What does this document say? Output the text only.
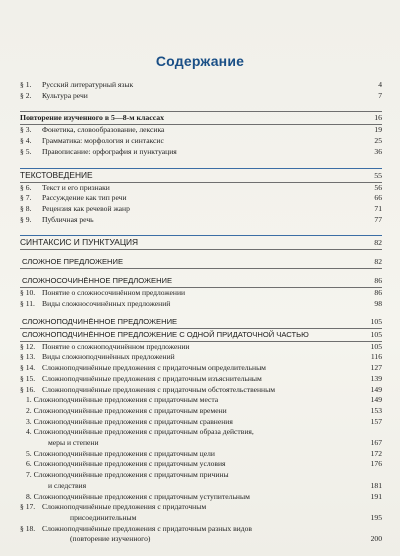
Содержание
§ 1.	Русский литературный язык	4
§ 2.	Культура речи	7
Повторение изученного в 5—8-м классах	16
§ 3.	Фонетика, словообразование, лексика	19
§ 4.	Грамматика: морфология и синтаксис	25
§ 5.	Правописание: орфография и пунктуация	36
ТЕКСТОВЕДЕНИЕ	55
§ 6.	Текст и его признаки	56
§ 7.	Рассуждение как тип речи	66
§ 8.	Рецензия как речевой жанр	71
§ 9.	Публичная речь	77
СИНТАКСИС И ПУНКТУАЦИЯ	82
СЛОЖНОЕ ПРЕДЛОЖЕНИЕ	82
СЛОЖНОСОЧИНЁННОЕ ПРЕДЛОЖЕНИЕ	86
§ 10. Понятие о сложносочинённом предложении	86
§ 11. Виды сложносочинённых предложений	98
СЛОЖНОПОДЧИНЁННОЕ ПРЕДЛОЖЕНИЕ	105
СЛОЖНОПОДЧИНЁННОЕ ПРЕДЛОЖЕНИЕ С ОДНОЙ ПРИДАТОЧНОЙ ЧАСТЬЮ	105
§ 12. Понятие о сложноподчинённом предложении	105
§ 13. Виды сложноподчинённых предложений	116
§ 14. Сложноподчинённые предложения с придаточным определительным	127
§ 15. Сложноподчинённые предложения с придаточным изъяснительным	139
§ 16. Сложноподчинённые предложения с придаточным обстоятельственным	149
1. Сложноподчинённые предложения с придаточным места	149
2. Сложноподчинённые предложения с придаточным времени	153
3. Сложноподчинённые предложения с придаточным сравнения	157
4. Сложноподчинённые предложения с придаточным образа действия,
меры и степени	167
5. Сложноподчинённые предложения с придаточным цели	172
6. Сложноподчинённые предложения с придаточным условия	176
7. Сложноподчинённые предложения с придаточным причины
и следствия	181
8. Сложноподчинённые предложения с придаточным уступительным	191
§ 17. Сложноподчинённые предложения с придаточным
присоединительным	195
§ 18. Сложноподчинённые предложения с придаточным разных видов
(повторение изученного)	200
